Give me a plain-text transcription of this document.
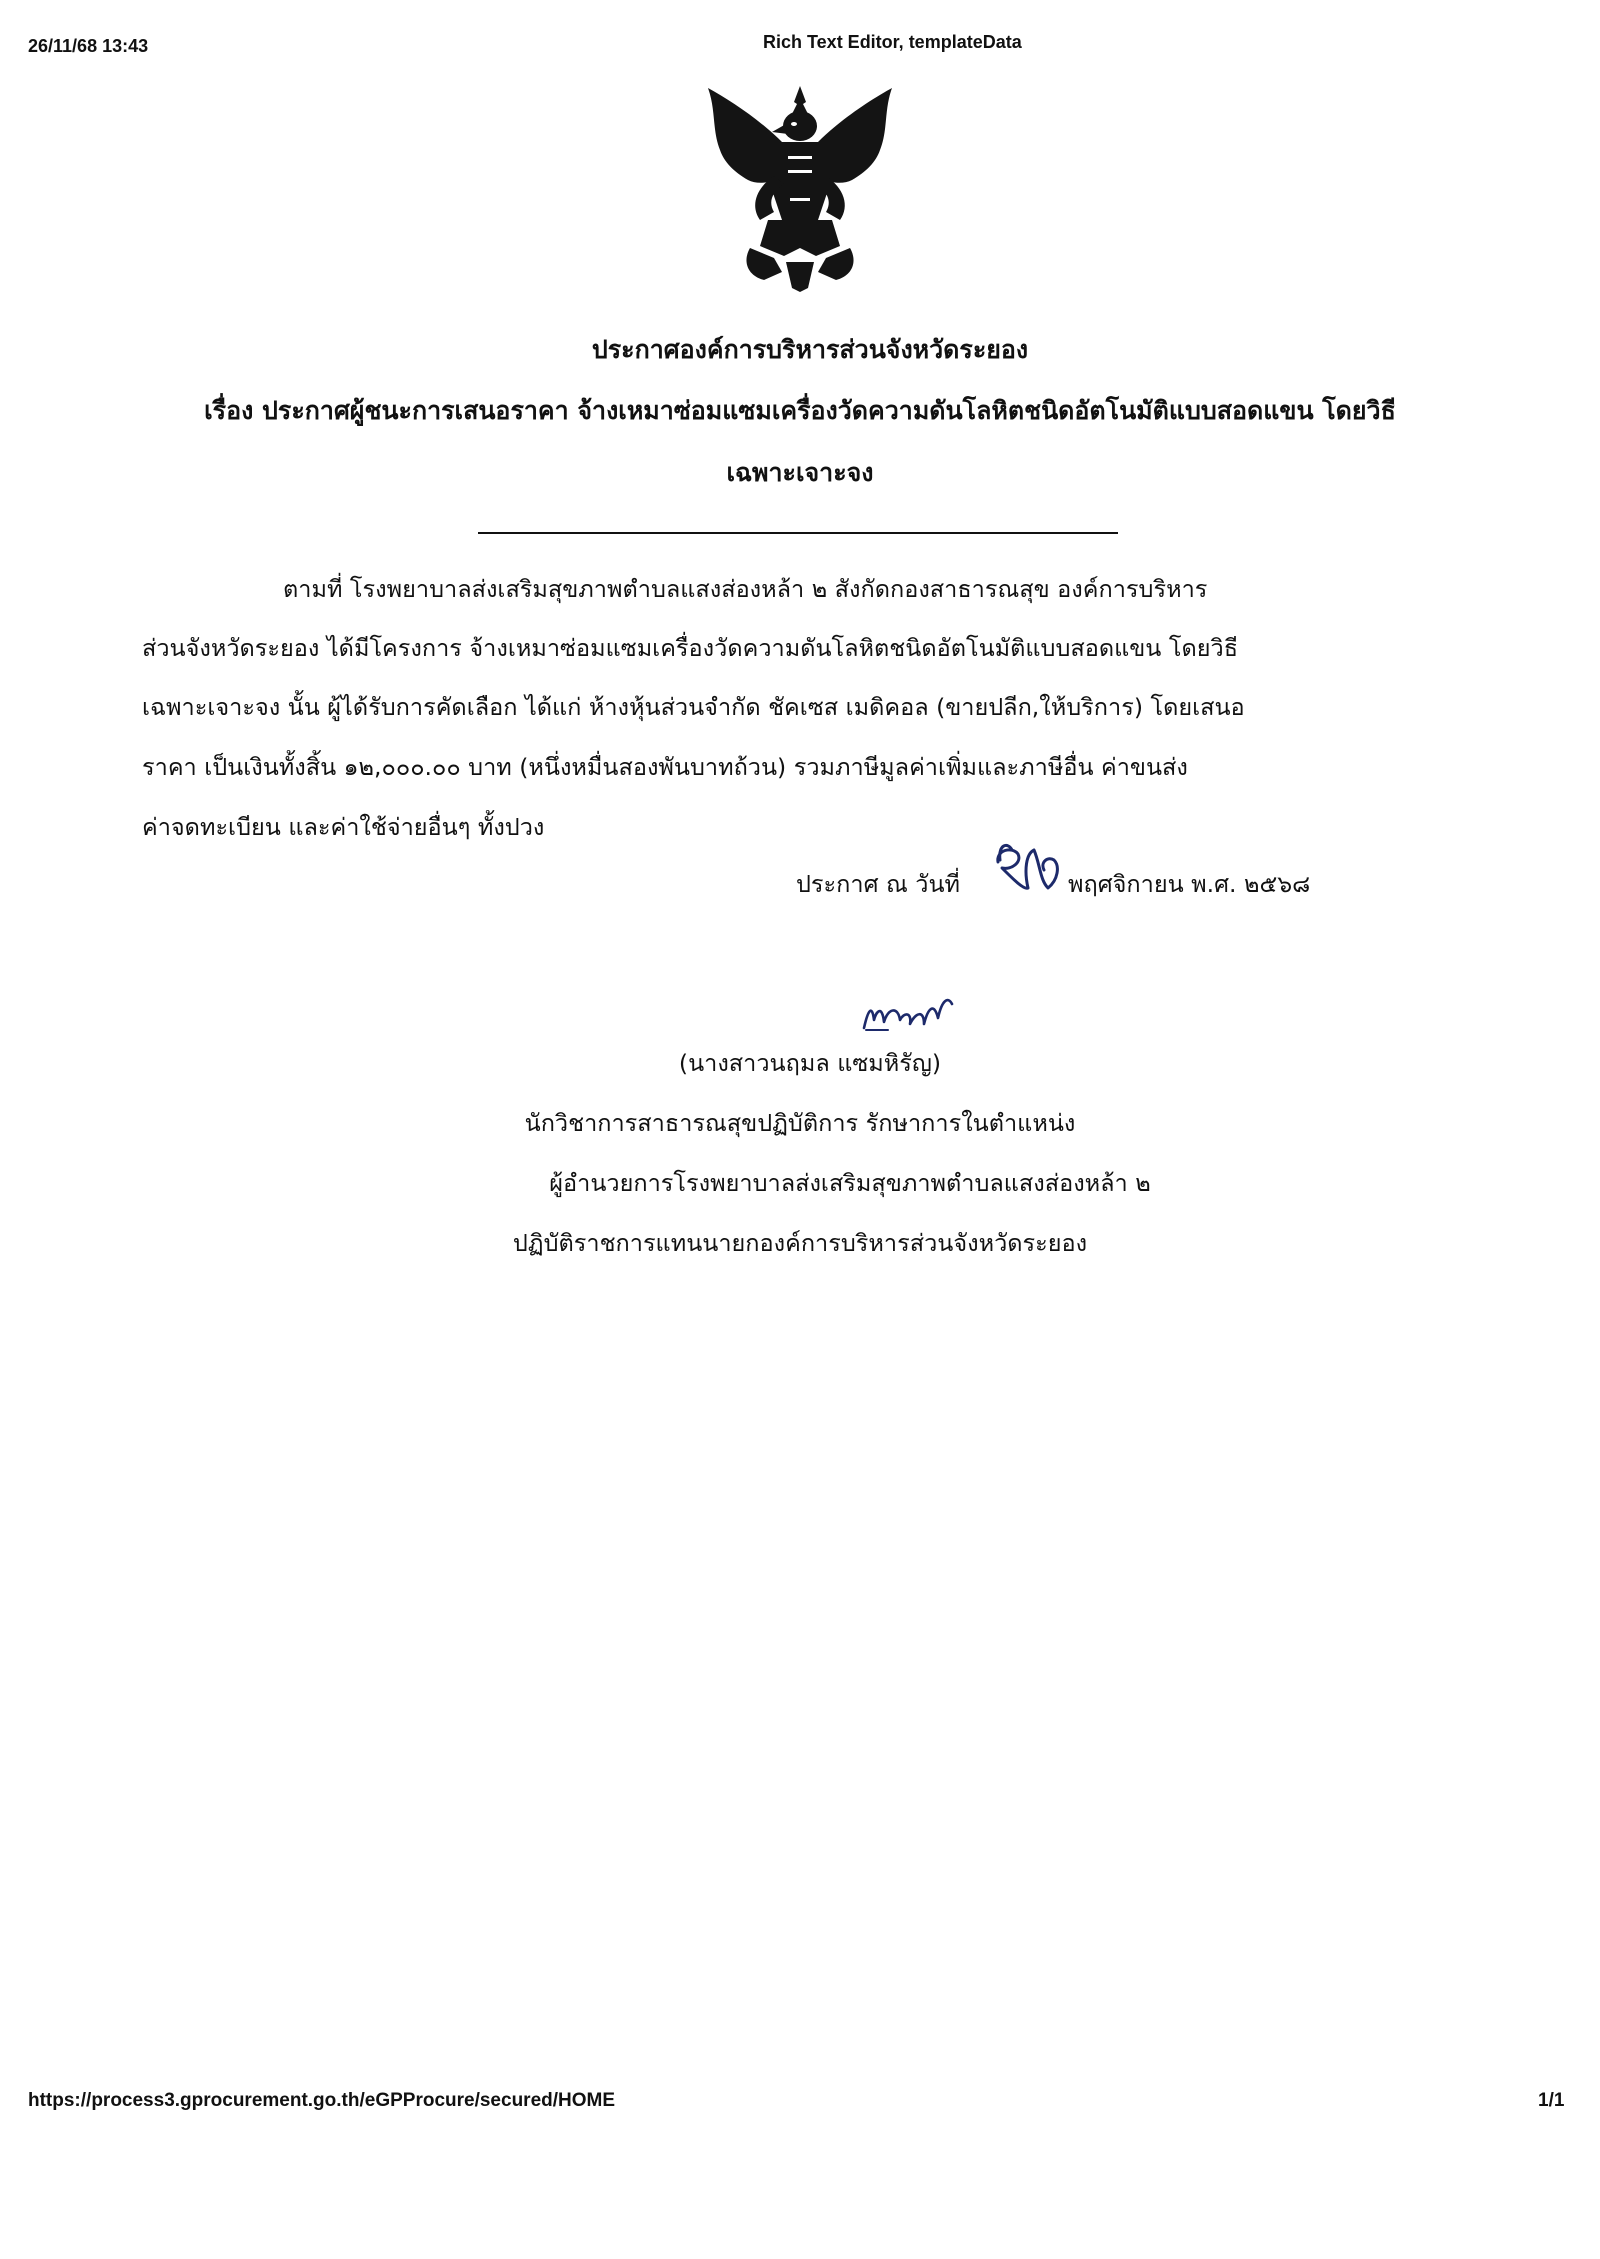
26/11/68 13:43	Rich Text Editor, templateData
ประกาศองค์การบริหารส่วนจังหวัดระยอง
เรื่อง ประกาศผู้ชนะการเสนอราคา จ้างเหมาซ่อมแซมเครื่องวัดความดันโลหิตชนิดอัตโนมัติแบบสอดแขน โดยวิธี
เฉพาะเจาะจง
ตามที่ โรงพยาบาลส่งเสริมสุขภาพตำบลแสงส่องหล้า ๒ สังกัดกองสาธารณสุข องค์การบริหาร
ส่วนจังหวัดระยอง ได้มีโครงการ จ้างเหมาซ่อมแซมเครื่องวัดความดันโลหิตชนิดอัตโนมัติแบบสอดแขน โดยวิธี
เฉพาะเจาะจง นั้น ผู้ได้รับการคัดเลือก ได้แก่ ห้างหุ้นส่วนจำกัด ชัคเซส เมดิคอล (ขายปลีก,ให้บริการ) โดยเสนอ
ราคา เป็นเงินทั้งสิ้น ๑๒,๐๐๐.๐๐ บาท (หนึ่งหมื่นสองพันบาทถ้วน) รวมภาษีมูลค่าเพิ่มและภาษีอื่น ค่าขนส่ง
ค่าจดทะเบียน และค่าใช้จ่ายอื่นๆ ทั้งปวง
ประกาศ ณ วันที่	พฤศจิกายน พ.ศ. ๒๕๖๘
(นางสาวนฤมล แซมหิรัญ)
นักวิชาการสาธารณสุขปฏิบัติการ รักษาการในตำแหน่ง
ผู้อำนวยการโรงพยาบาลส่งเสริมสุขภาพตำบลแสงส่องหล้า ๒
ปฏิบัติราชการแทนนายกองค์การบริหารส่วนจังหวัดระยอง
https://process3.gprocurement.go.th/eGPProcure/secured/HOME	1/1
